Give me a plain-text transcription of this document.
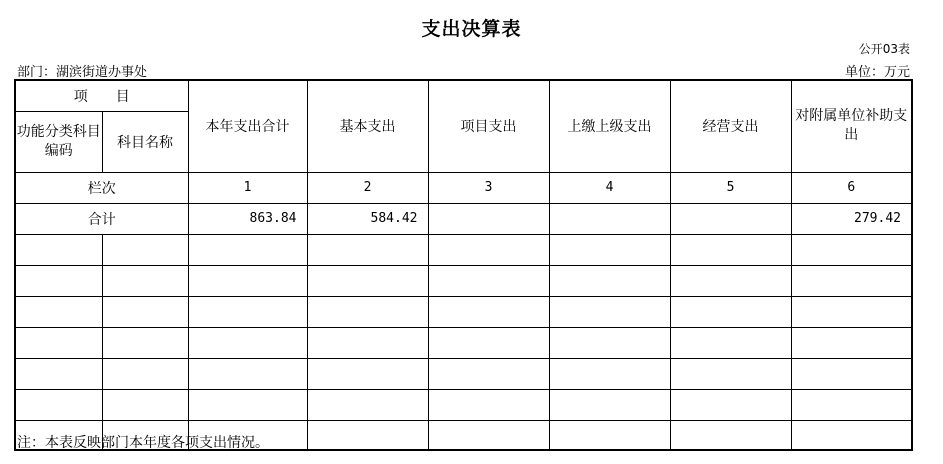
支出决算表
公开03表
部门：湖滨街道办事处	单位：万元
项　　目		本年支出合计	基本支出	项目支出	上缴上级支出	经营支出	对附属单位补助支出
功能分类科目编码	科目名称						
栏次		1	2	3	4	5	6
合计		863.84	584.42				279.42

注：本表反映部门本年度各项支出情况。
